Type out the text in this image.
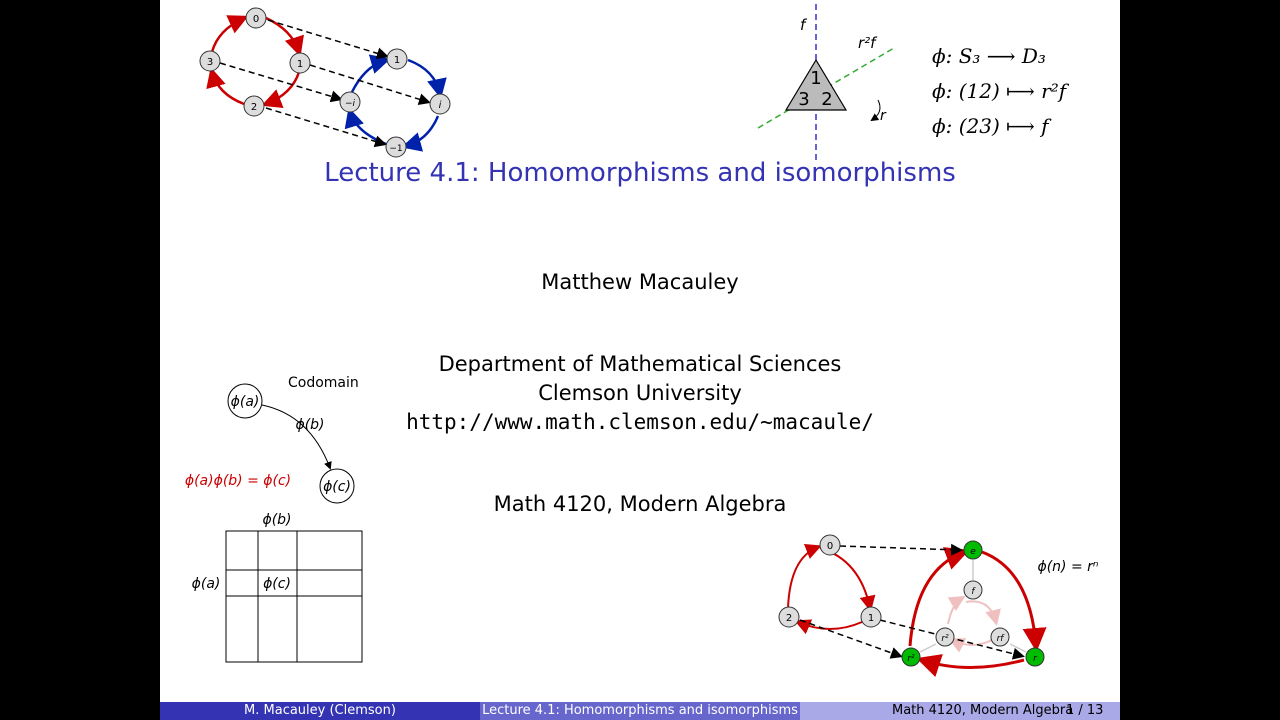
0
1
2
3	1
i
−1
−i
f
r²f
r
1
3 2
ϕ: S₃ ⟶ D₃
ϕ: (12) ⟼ r²f
ϕ: (23) ⟼ f
Lecture 4.1: Homomorphisms and isomorphisms
Matthew Macauley
Department of Mathematical Sciences
Clemson University
http://www.math.clemson.edu/~macaule/
Math 4120, Modern Algebra
Codomain
ϕ(a)
ϕ(c)
ϕ(b)
ϕ(a)ϕ(b) = ϕ(c)
ϕ(b)
ϕ(a)	ϕ(c)
0
1
2
e
f
r²	rf
r²	r
ϕ(n) = rⁿ
M. Macauley (Clemson)	Lecture 4.1: Homomorphisms and isomorphisms	Math 4120, Modern Algebra
1 / 13
